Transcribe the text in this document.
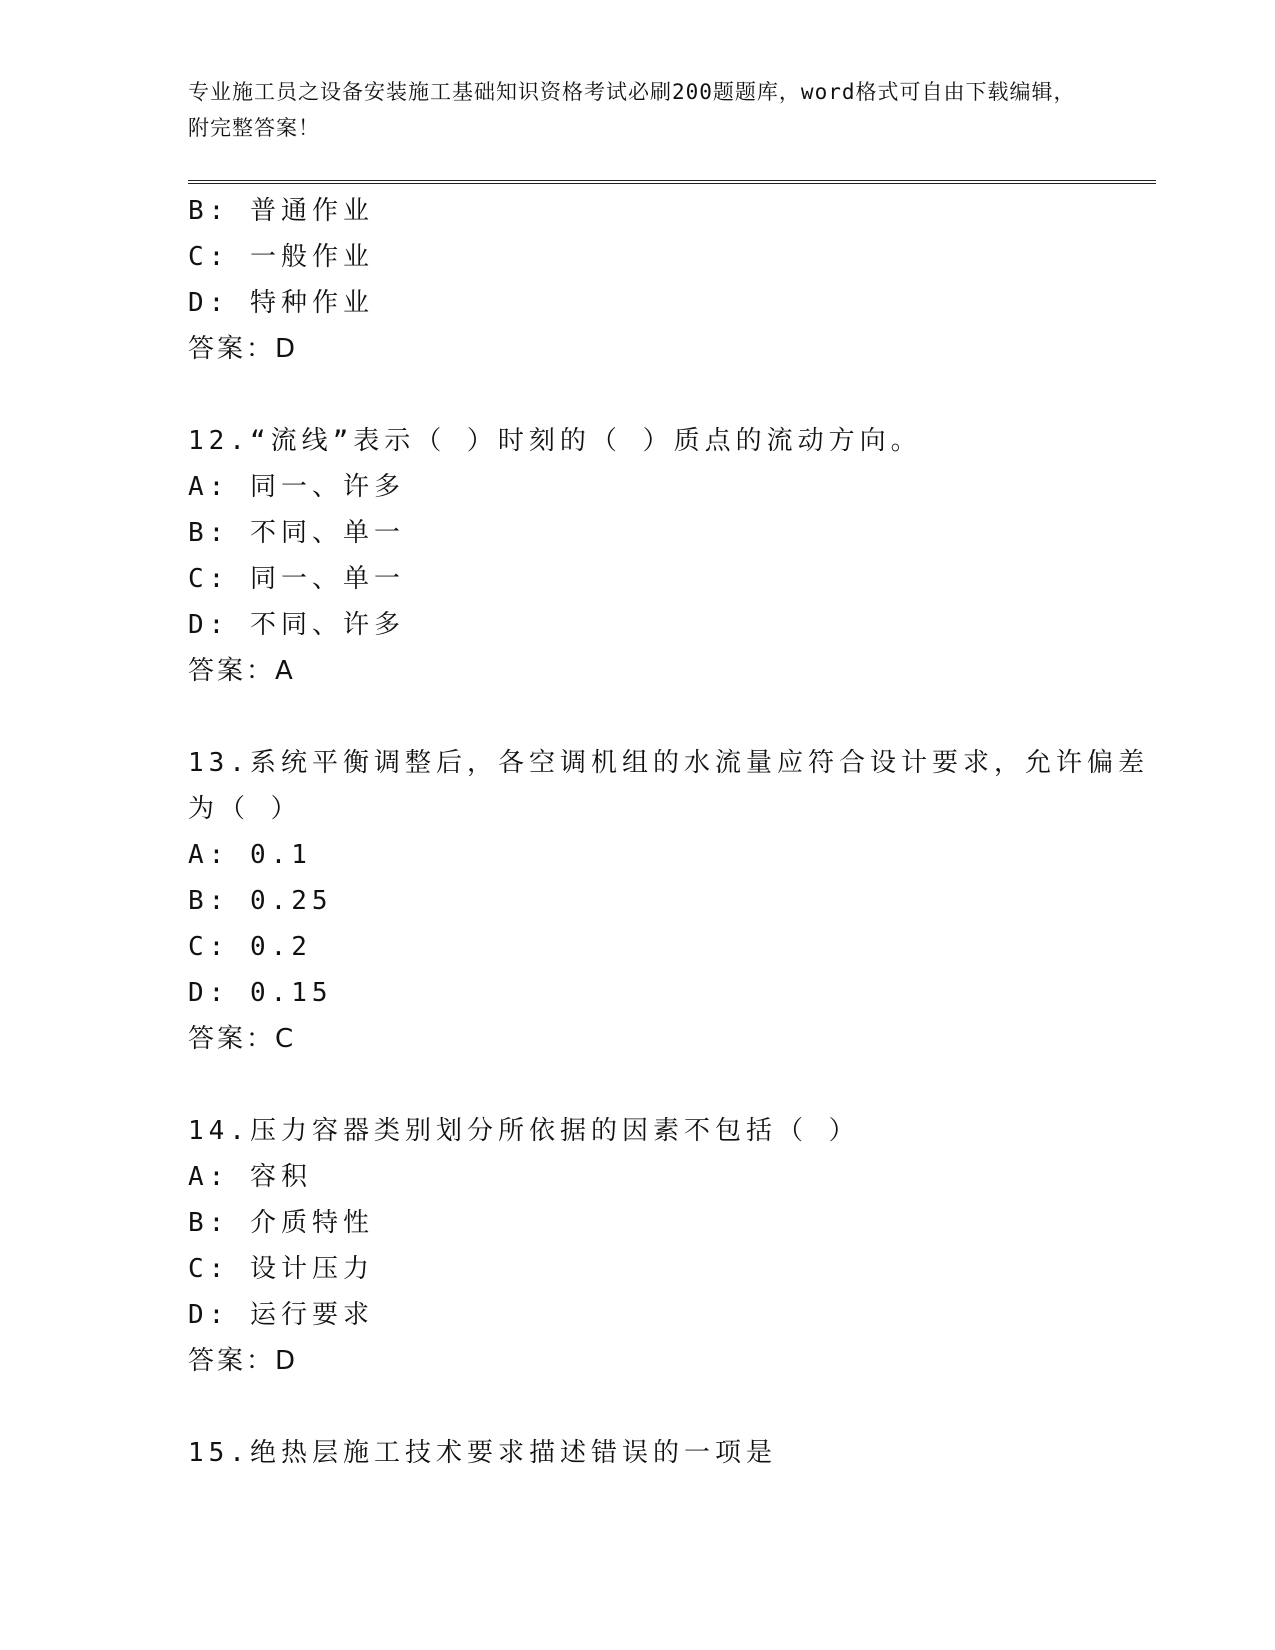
专业施工员之设备安装施工基础知识资格考试必刷200题题库，word格式可自由下载编辑，附完整答案！
B: 普通作业
C: 一般作业
D: 特种作业
答案：D
12.“流线”表示（ ）时刻的（ ）质点的流动方向。
A: 同一、许多
B: 不同、单一
C: 同一、单一
D: 不同、许多
答案：A
13.系统平衡调整后，各空调机组的水流量应符合设计要求，允许偏差
为（ ）
A: 0.1
B: 0.25
C: 0.2
D: 0.15
答案：C
14.压力容器类别划分所依据的因素不包括（ ）
A: 容积
B: 介质特性
C: 设计压力
D: 运行要求
答案：D
15.绝热层施工技术要求描述错误的一项是
